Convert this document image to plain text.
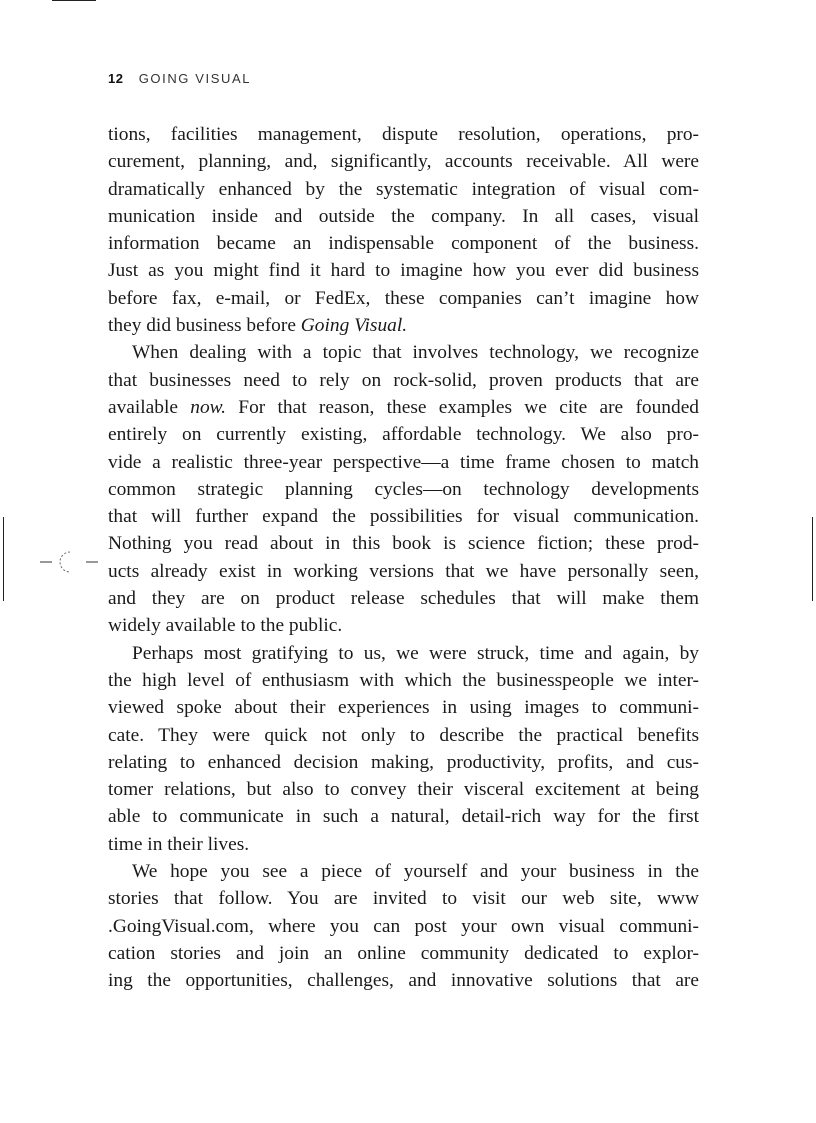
12 GOING VISUAL
tions, facilities management, dispute resolution, operations, pro-
curement, planning, and, significantly, accounts receivable. All were
dramatically enhanced by the systematic integration of visual com-
munication inside and outside the company. In all cases, visual
information became an indispensable component of the business.
Just as you might find it hard to imagine how you ever did business
before fax, e-mail, or FedEx, these companies can’t imagine how
they did business before Going Visual.
When dealing with a topic that involves technology, we recognize
that businesses need to rely on rock-solid, proven products that are
available now. For that reason, these examples we cite are founded
entirely on currently existing, affordable technology. We also pro-
vide a realistic three-year perspective—a time frame chosen to match
common strategic planning cycles—on technology developments
that will further expand the possibilities for visual communication.
Nothing you read about in this book is science fiction; these prod-
ucts already exist in working versions that we have personally seen,
and they are on product release schedules that will make them
widely available to the public.
Perhaps most gratifying to us, we were struck, time and again, by
the high level of enthusiasm with which the businesspeople we inter-
viewed spoke about their experiences in using images to communi-
cate. They were quick not only to describe the practical benefits
relating to enhanced decision making, productivity, profits, and cus-
tomer relations, but also to convey their visceral excitement at being
able to communicate in such a natural, detail-rich way for the first
time in their lives.
We hope you see a piece of yourself and your business in the
stories that follow. You are invited to visit our web site, www
.GoingVisual.com, where you can post your own visual communi-
cation stories and join an online community dedicated to explor-
ing the opportunities, challenges, and innovative solutions that are
